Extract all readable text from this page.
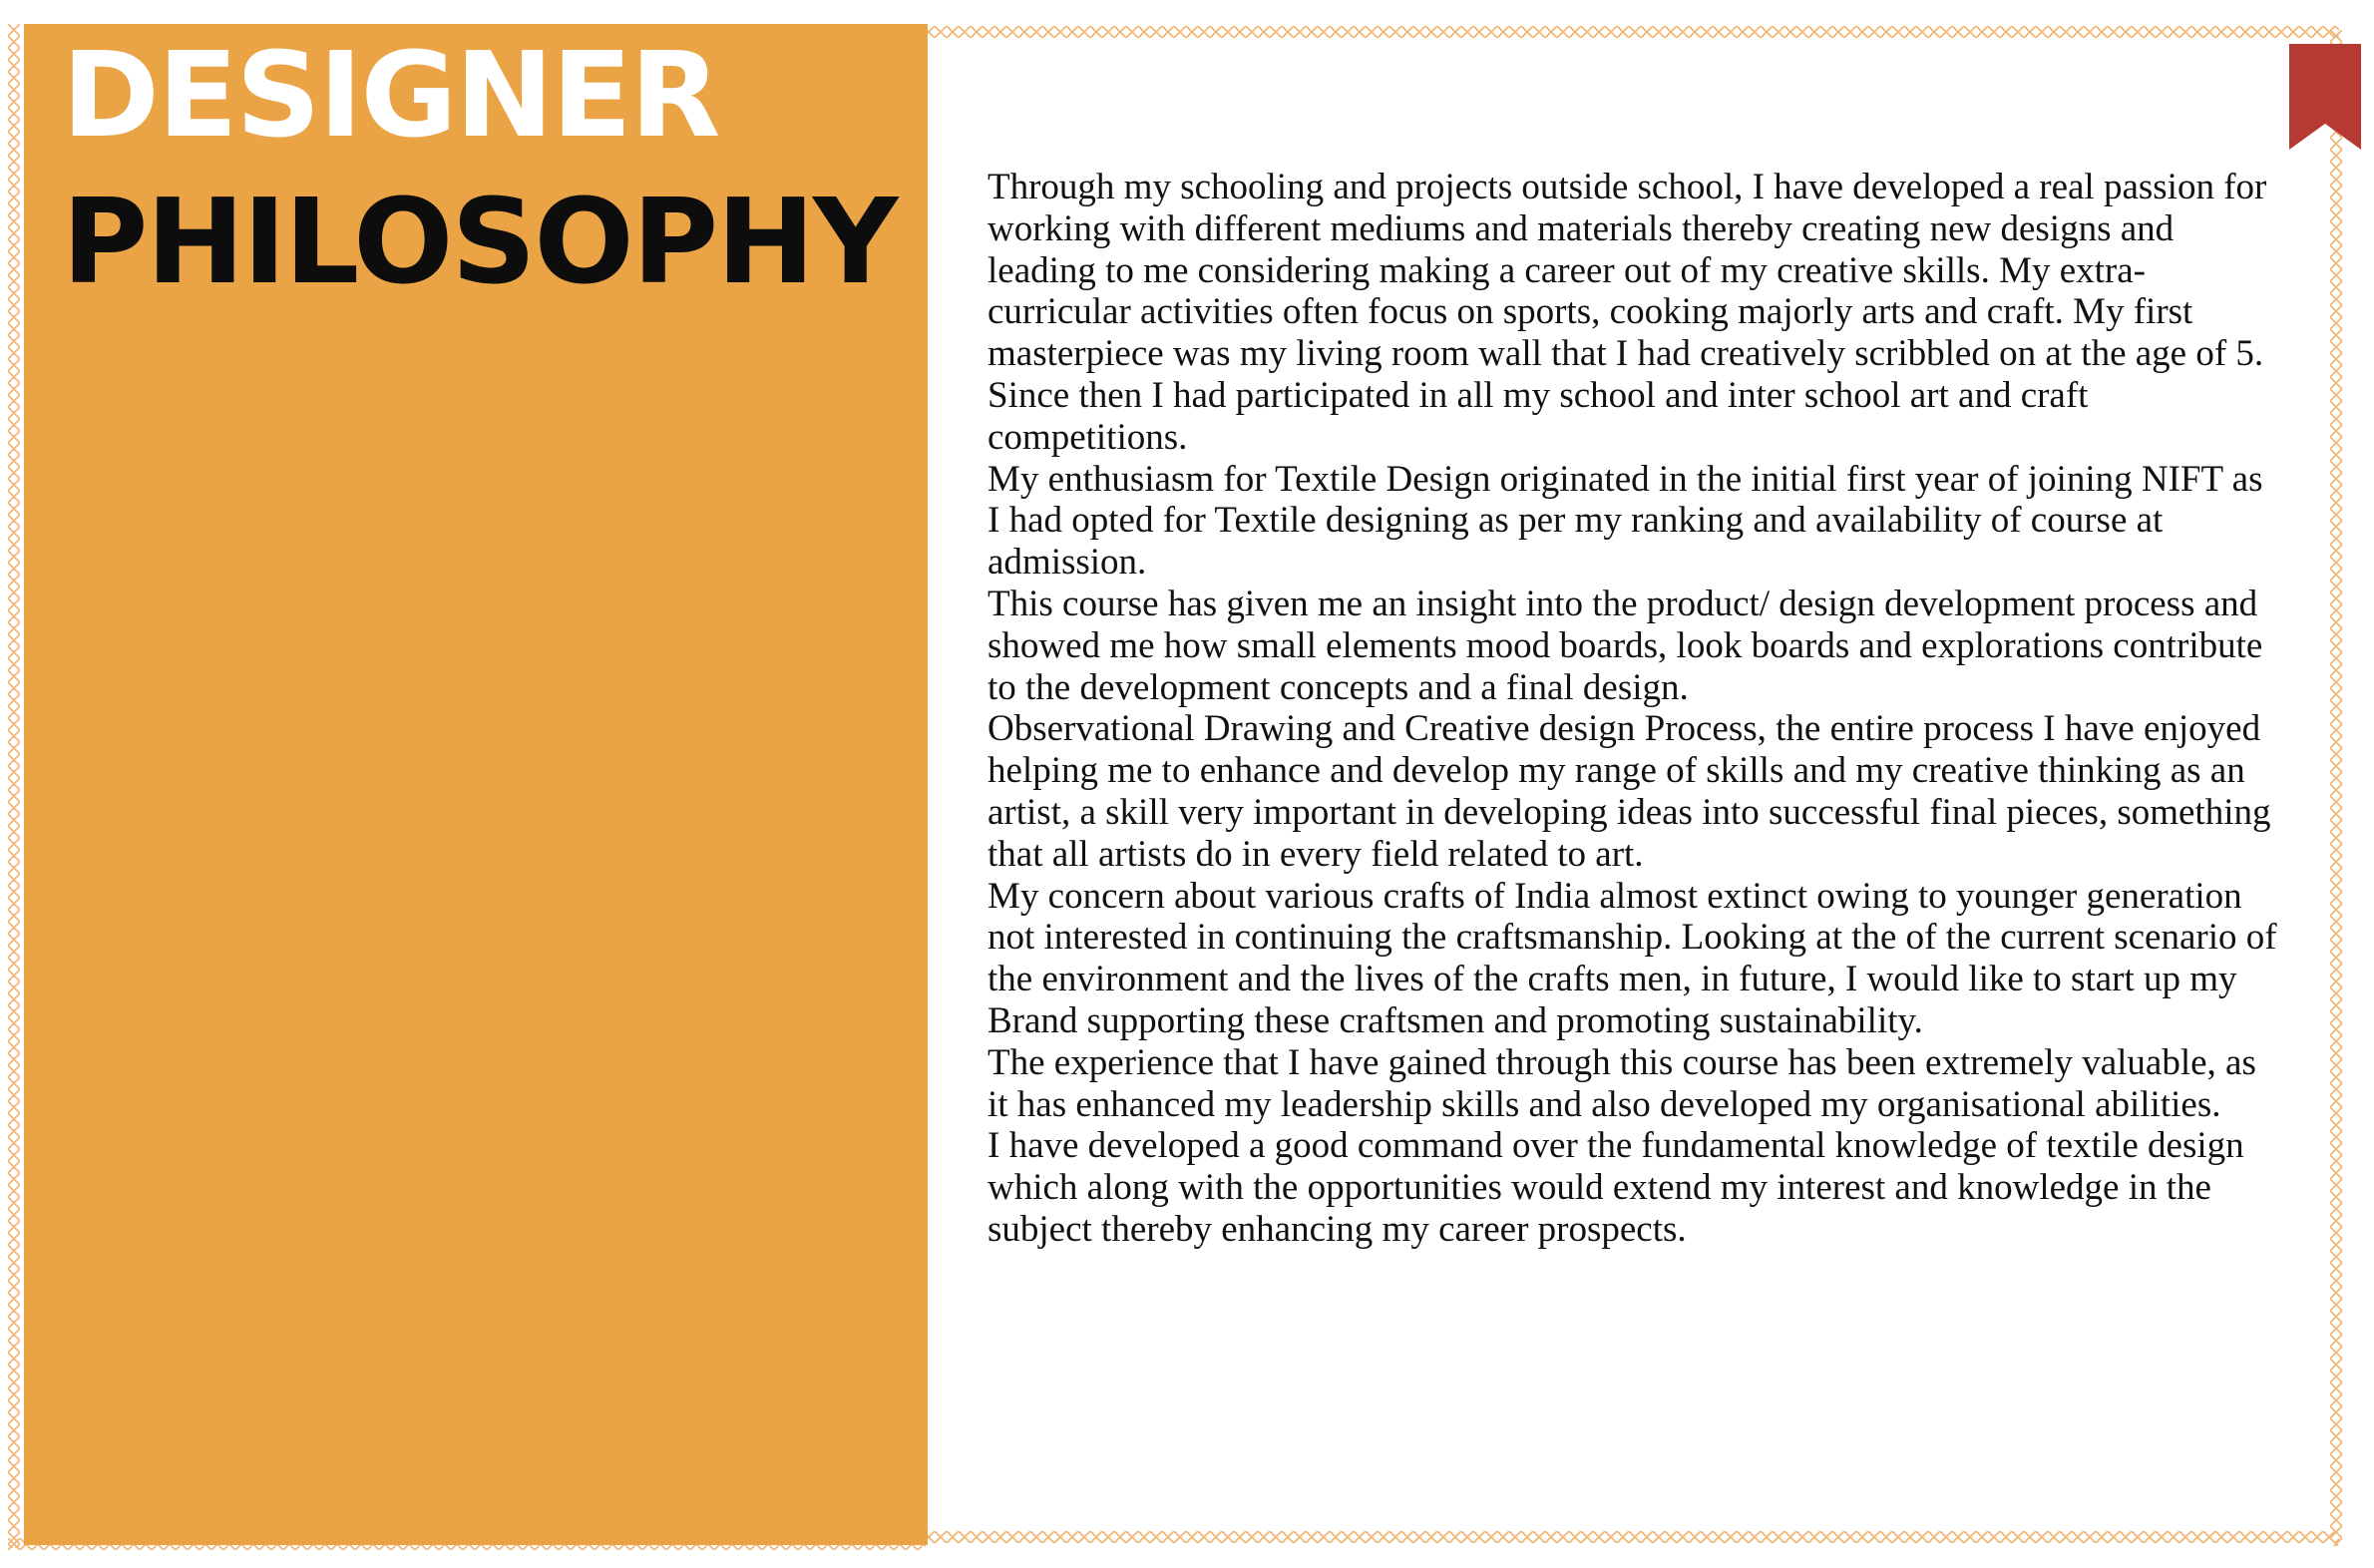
DESIGNER
PHILOSOPHY Through my schooling and projects outside school, I have developed a real passion for working with different mediums and materials thereby creating new designs and leading to me considering making a career out of my creative skills. My extra-curricular activities often focus on sports, cooking majorly arts and craft. My first masterpiece was my living room wall that I had creatively scribbled on at the age of 5. Since then I had participated in all my school and inter school art and craft competitions.

My enthusiasm for Textile Design originated in the initial first year of joining NIFT as I had opted for Textile designing as per my ranking and availability of course at admission.

This course has given me an insight into the product/ design development process and showed me how small elements mood boards, look boards and explorations contribute to the development concepts and a final design.

Observational Drawing and Creative design Process, the entire process I have enjoyed helping me to enhance and develop my range of skills and my creative thinking as an artist, a skill very important in developing ideas into successful final pieces, something that all artists do in every field related to art.

My concern about various crafts of India almost extinct owing to younger generation not interested in continuing the craftsmanship. Looking at the of the current scenario of the environment and the lives of the crafts men, in future, I would like to start up my Brand supporting these craftsmen and promoting sustainability.

The experience that I have gained through this course has been extremely valuable, as it has enhanced my leadership skills and also developed my organisational abilities.

I have developed a good command over the fundamental knowledge of textile design which along with the opportunities would extend my interest and knowledge in the subject thereby enhancing my career prospects.
